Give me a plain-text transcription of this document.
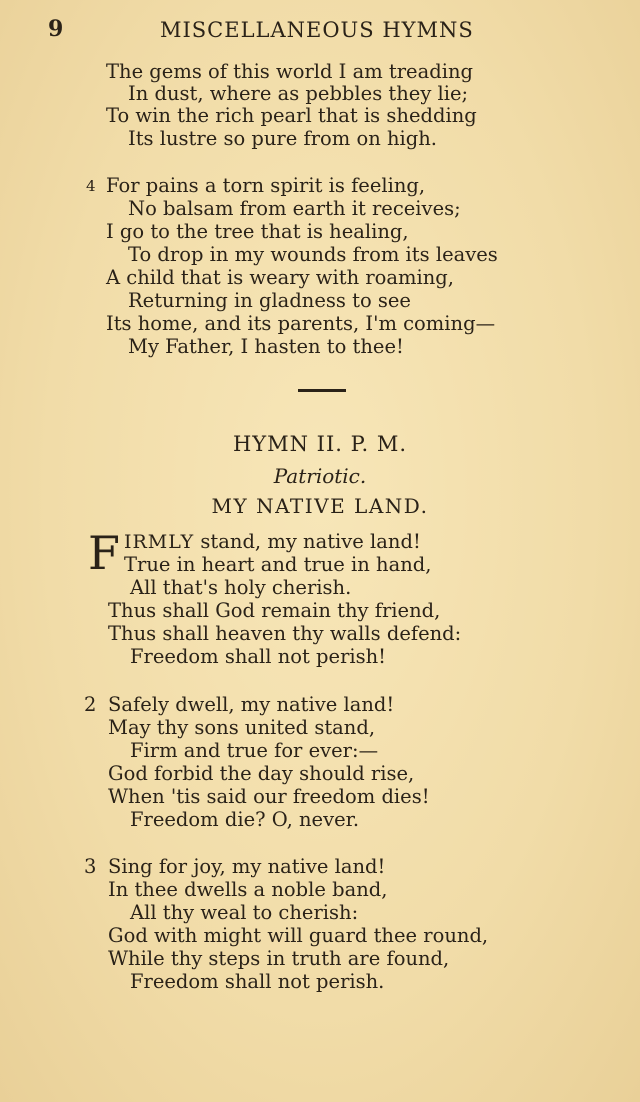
9	MISCELLANEOUS HYMNS
The gems of this world I am treading
In dust, where as pebbles they lie;
To win the rich pearl that is shedding
Its lustre so pure from on high.
4 For pains a torn spirit is feeling,
No balsam from earth it receives;
I go to the tree that is healing,
To drop in my wounds from its leaves
A child that is weary with roaming,
Returning in gladness to see
Its home, and its parents, I'm coming—
My Father, I hasten to thee!
HYMN II. P. M.
Patriotic.
MY NATIVE LAND.
F IRMLY stand, my native land!
True in heart and true in hand,
All that's holy cherish.
Thus shall God remain thy friend,
Thus shall heaven thy walls defend:
Freedom shall not perish!
2 Safely dwell, my native land!
May thy sons united stand,
Firm and true for ever:—
God forbid the day should rise,
When 'tis said our freedom dies!
Freedom die? O, never.
3 Sing for joy, my native land!
In thee dwells a noble band,
All thy weal to cherish:
God with might will guard thee round,
While thy steps in truth are found,
Freedom shall not perish.
